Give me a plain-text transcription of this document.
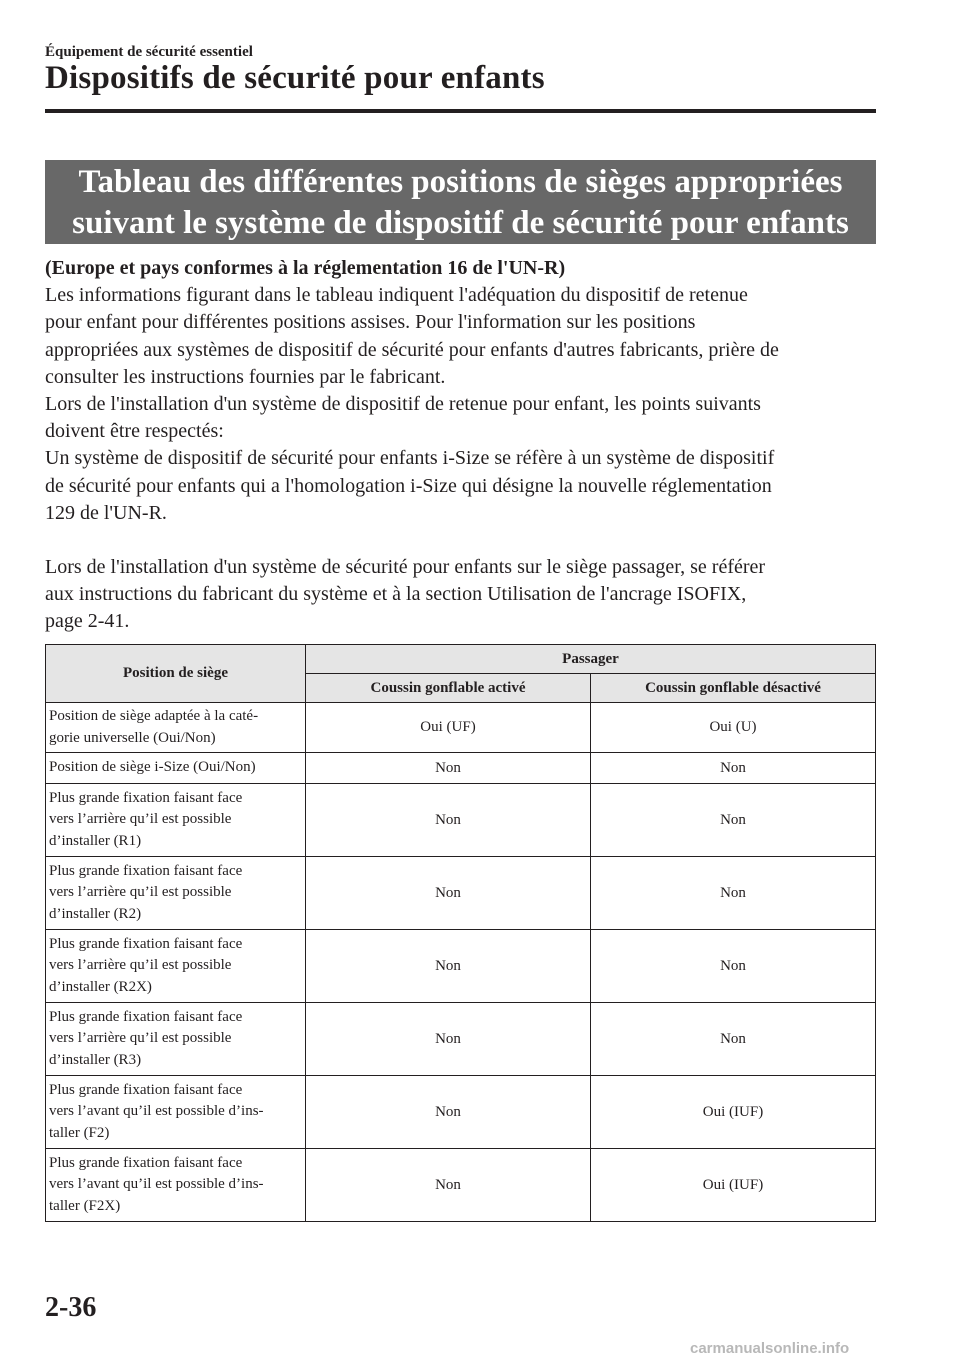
Équipement de sécurité essentiel
Dispositifs de sécurité pour enfants
Tableau des différentes positions de sièges appropriées
suivant le système de dispositif de sécurité pour enfants

(Europe et pays conformes à la réglementation 16 de l'UN-R)

Les informations figurant dans le tableau indiquent l'adéquation du dispositif de retenue

pour enfant pour différentes positions assises. Pour l'information sur les positions

appropriées aux systèmes de dispositif de sécurité pour enfants d'autres fabricants, prière de

consulter les instructions fournies par le fabricant.

Lors de l'installation d'un système de dispositif de retenue pour enfant, les points suivants

doivent être respectés:

Un système de dispositif de sécurité pour enfants i-Size se réfère à un système de dispositif

de sécurité pour enfants qui a l'homologation i-Size qui désigne la nouvelle réglementation

129 de l'UN-R.

Lors de l'installation d'un système de sécurité pour enfants sur le siège passager, se référer

aux instructions du fabricant du système et à la section Utilisation de l'ancrage ISOFIX,

page 2-41.

Position de siège	Passager	
	Coussin gonflable activé	Coussin gonflable désactivé

Position de siège adaptée à la caté-
gorie universelle (Oui/Non)	Oui (UF)	Oui (U)

Position de siège i-Size (Oui/Non)	Non	Non

Plus grande fixation faisant face
vers l’arrière qu’il est possible
d’installer (R1)	Non	Non

Plus grande fixation faisant face
vers l’arrière qu’il est possible
d’installer (R2)	Non	Non

Plus grande fixation faisant face
vers l’arrière qu’il est possible
d’installer (R2X)	Non	Non

Plus grande fixation faisant face
vers l’arrière qu’il est possible
d’installer (R3)	Non	Non

Plus grande fixation faisant face
vers l’avant qu’il est possible d’ins-
taller (F2)	Non	Oui (IUF)

Plus grande fixation faisant face
vers l’avant qu’il est possible d’ins-
taller (F2X)	Non	Oui (IUF)
2-36
carmanualsonline.info
